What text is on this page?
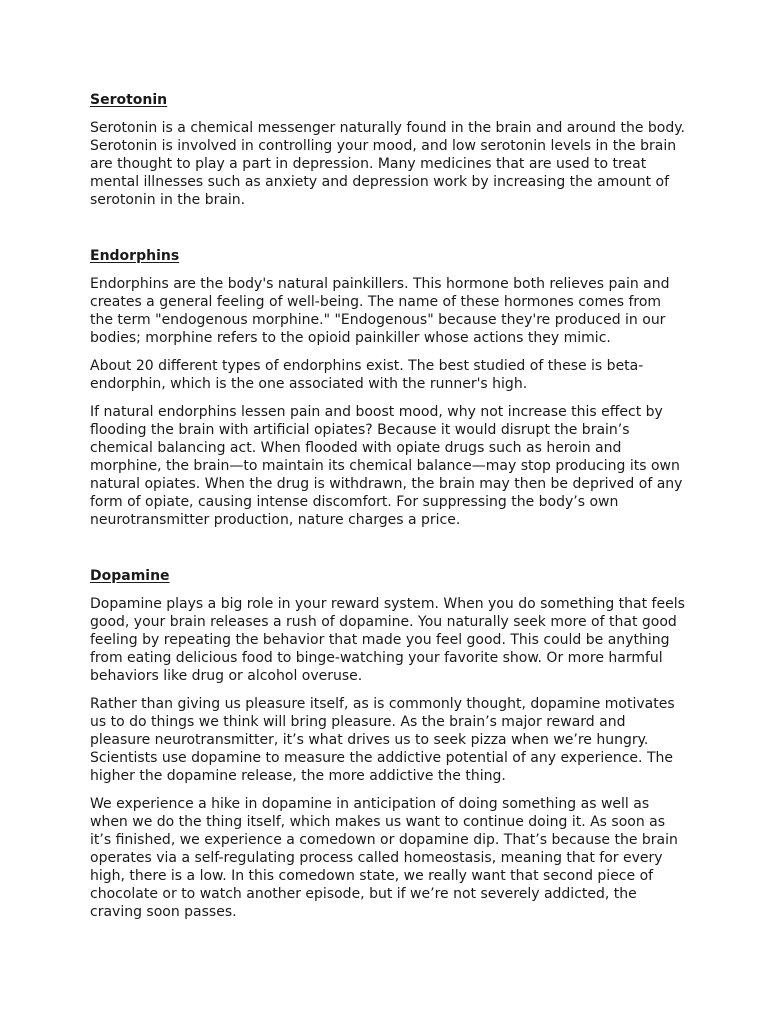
Serotonin

Serotonin is a chemical messenger naturally found in the brain and around the body. Serotonin is involved in controlling your mood, and low serotonin levels in the brain are thought to play a part in depression. Many medicines that are used to treat mental illnesses such as anxiety and depression work by increasing the amount of serotonin in the brain.

Endorphins

Endorphins are the body's natural painkillers. This hormone both relieves pain and creates a general feeling of well-being. The name of these hormones comes from the term "endogenous morphine." "Endogenous" because they're produced in our bodies; morphine refers to the opioid painkiller whose actions they mimic.

About 20 different types of endorphins exist. The best studied of these is beta-endorphin, which is the one associated with the runner's high.

If natural endorphins lessen pain and boost mood, why not increase this effect by flooding the brain with artificial opiates? Because it would disrupt the brain’s chemical balancing act. When flooded with opiate drugs such as heroin and morphine, the brain—to maintain its chemical balance—may stop producing its own natural opiates. When the drug is withdrawn, the brain may then be deprived of any form of opiate, causing intense discomfort. For suppressing the body’s own neurotransmitter production, nature charges a price.

Dopamine

Dopamine plays a big role in your reward system. When you do something that feels good, your brain releases a rush of dopamine. You naturally seek more of that good feeling by repeating the behavior that made you feel good. This could be anything from eating delicious food to binge-watching your favorite show. Or more harmful behaviors like drug or alcohol overuse.

Rather than giving us pleasure itself, as is commonly thought, dopamine motivates us to do things we think will bring pleasure. As the brain’s major reward and pleasure neurotransmitter, it’s what drives us to seek pizza when we’re hungry. Scientists use dopamine to measure the addictive potential of any experience. The higher the dopamine release, the more addictive the thing.

We experience a hike in dopamine in anticipation of doing something as well as when we do the thing itself, which makes us want to continue doing it. As soon as it’s finished, we experience a comedown or dopamine dip. That’s because the brain operates via a self-regulating process called homeostasis, meaning that for every high, there is a low. In this comedown state, we really want that second piece of chocolate or to watch another episode, but if we’re not severely addicted, the craving soon passes.
